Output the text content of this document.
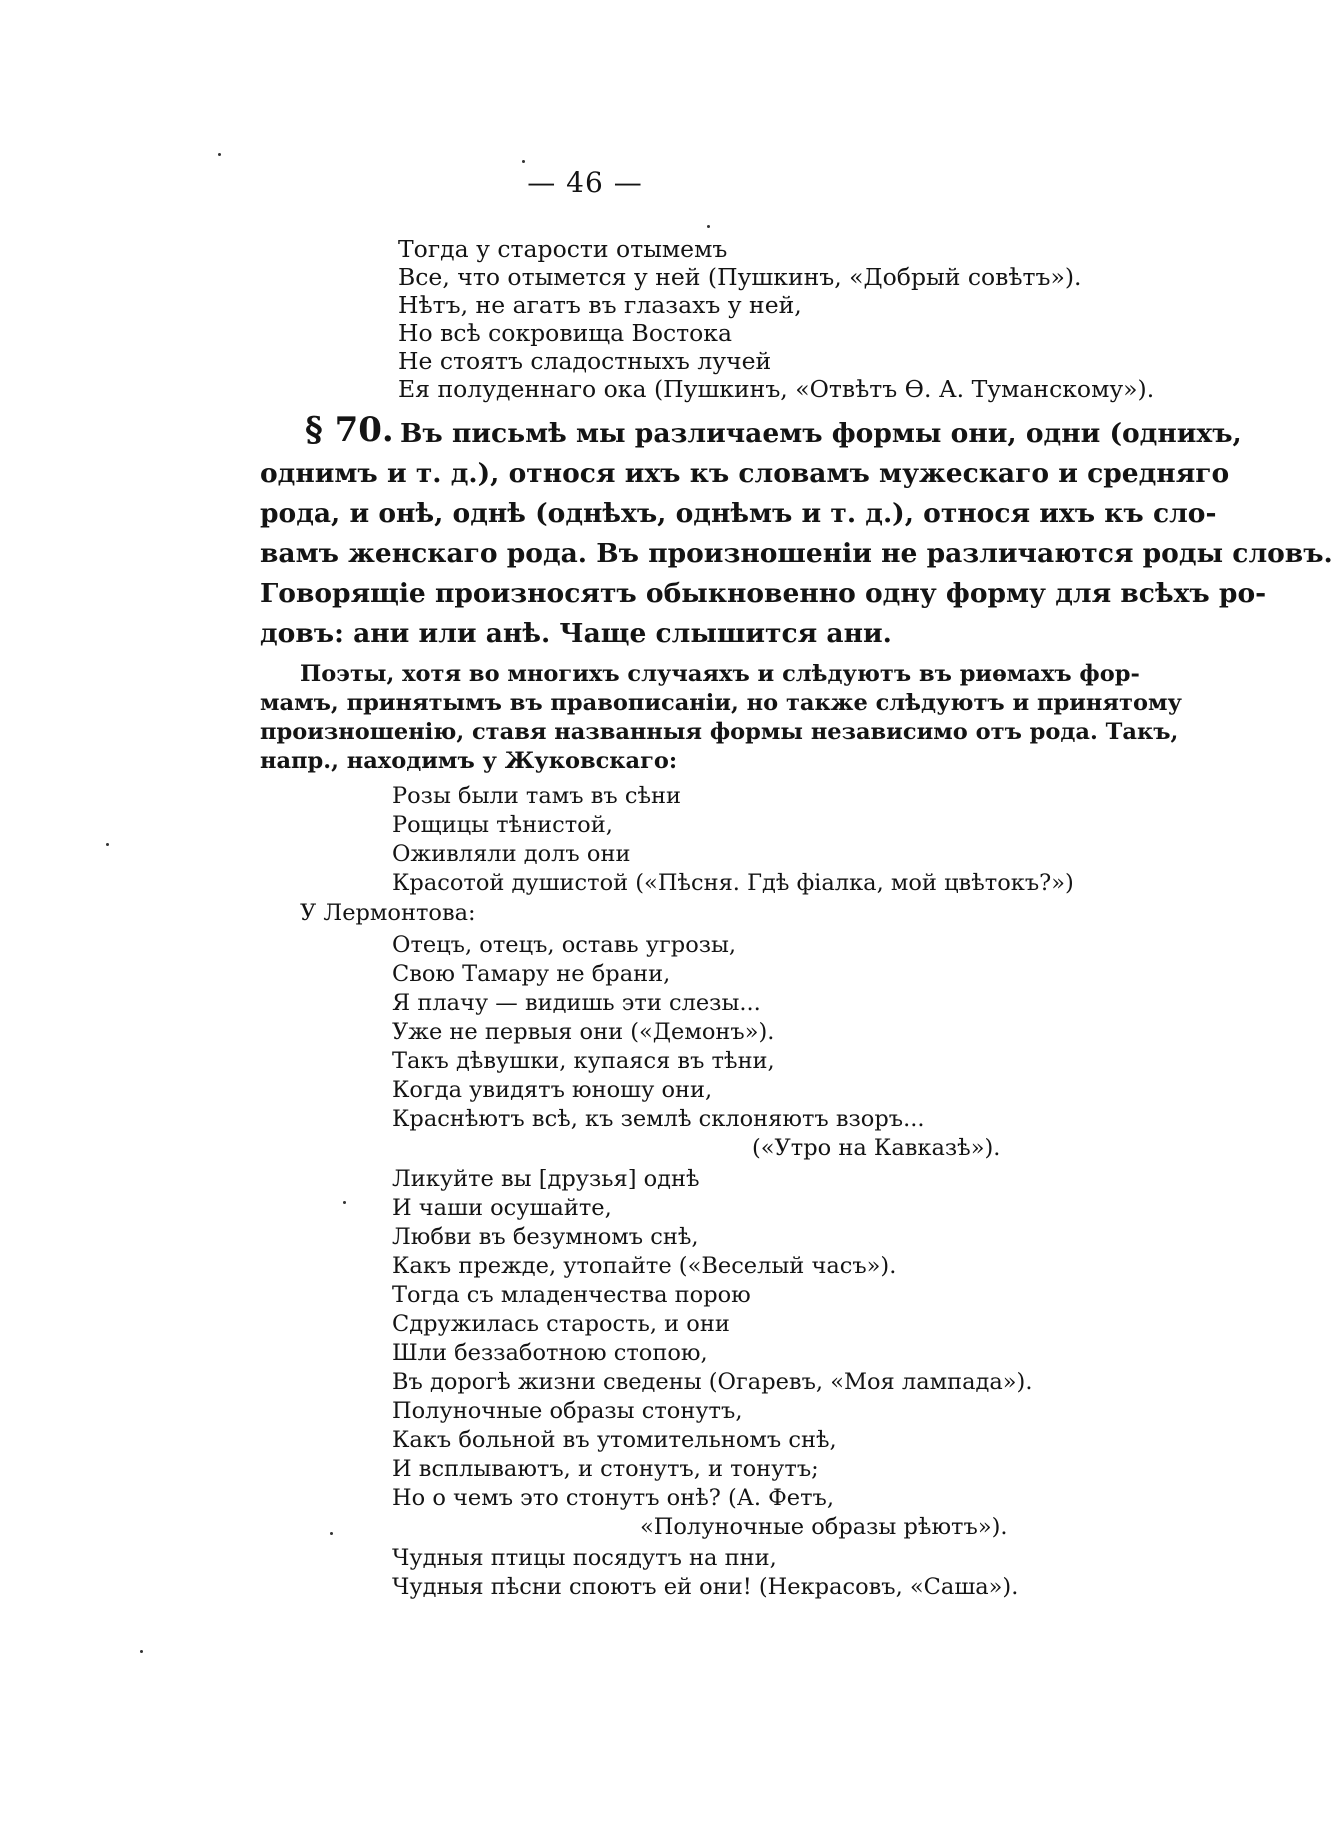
— 46 —
Тогда у старости отымемъ
Все, что отымется у ней (Пушкинъ, «Добрый совѣтъ»).
Нѣтъ, не агатъ въ глазахъ у ней,
Но всѣ сокровища Востока
Не стоятъ сладостныхъ лучей
Ея полуденнаго ока (Пушкинъ, «Отвѣтъ Ѳ. А. Туманскому»).
§ 70. Въ письмѣ мы различаемъ формы они, одни (однихъ,
однимъ и т. д.), относя ихъ къ словамъ мужескаго и средняго
рода, и онѣ, однѣ (однѣхъ, однѣмъ и т. д.), относя ихъ къ сло-
вамъ женскаго рода. Въ произношеніи не различаются роды словъ.
Говорящіе произносятъ обыкновенно одну форму для всѣхъ ро-
довъ: ани или анѣ. Чаще слышится ани.
Поэты, хотя во многихъ случаяхъ и слѣдуютъ въ риѳмахъ фор-
мамъ, принятымъ въ правописаніи, но также слѣдуютъ и принятому
произношенію, ставя названныя формы независимо отъ рода. Такъ,
напр., находимъ у Жуковскаго:
Розы были тамъ въ сѣни
Рощицы тѣнистой,
Оживляли долъ они
Красотой душистой («Пѣсня. Гдѣ фіалка, мой цвѣтокъ?»)
У Лермонтова:
Отецъ, отецъ, оставь угрозы,
Свою Тамару не брани,
Я плачу — видишь эти слезы...
Уже не первыя они («Демонъ»).
Такъ дѣвушки, купаяся въ тѣни,
Когда увидятъ юношу они,
Краснѣютъ всѣ, къ землѣ склоняютъ взоръ...
(«Утро на Кавказѣ»).
Ликуйте вы [друзья] однѣ
И чаши осушайте,
Любви въ безумномъ снѣ,
Какъ прежде, утопайте («Веселый часъ»).
Тогда съ младенчества порою
Сдружилась старость, и они
Шли беззаботною стопою,
Въ дорогѣ жизни сведены (Огаревъ, «Моя лампада»).
Полуночные образы стонутъ,
Какъ больной въ утомительномъ снѣ,
И всплываютъ, и стонутъ, и тонутъ;
Но о чемъ это стонутъ онѣ? (А. Фетъ,
«Полуночные образы рѣютъ»).
Чудныя птицы посядутъ на пни,
Чудныя пѣсни споютъ ей они! (Некрасовъ, «Саша»).
